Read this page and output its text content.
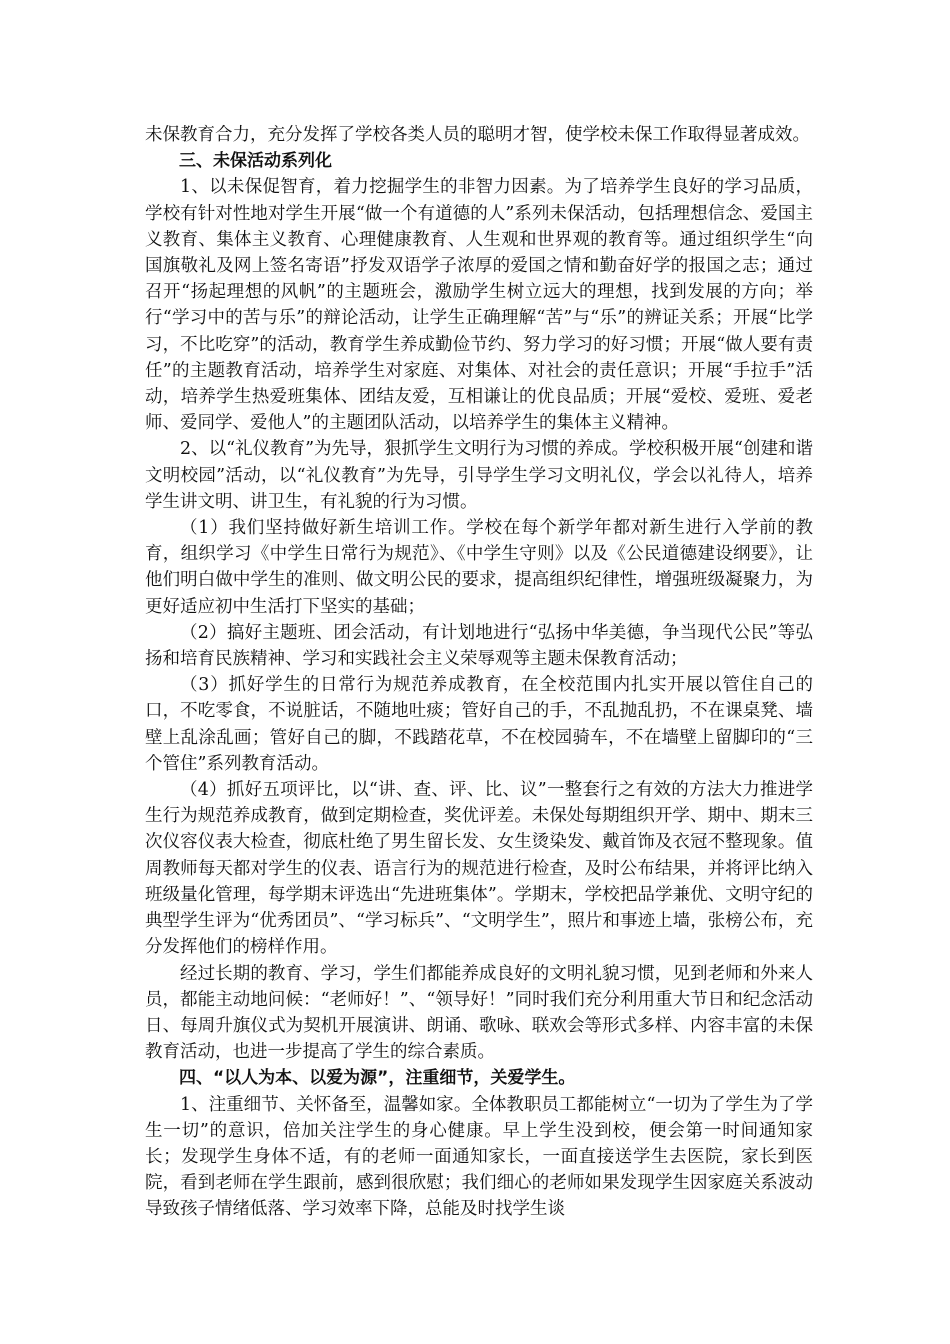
未保教育合力，充分发挥了学校各类人员的聪明才智，使学校未保工作取得显著成效。

三、未保活动系列化

1、以未保促智育，着力挖掘学生的非智力因素。为了培养学生良好的学习品质，学校有针对性地对学生开展“做一个有道德的人”系列未保活动，包括理想信念、爱国主义教育、集体主义教育、心理健康教育、人生观和世界观的教育等。通过组织学生“向国旗敬礼及网上签名寄语”抒发双语学子浓厚的爱国之情和勤奋好学的报国之志；通过召开“扬起理想的风帆”的主题班会，激励学生树立远大的理想，找到发展的方向；举行“学习中的苦与乐”的辩论活动，让学生正确理解“苦”与“乐”的辨证关系；开展“比学习，不比吃穿”的活动，教育学生养成勤俭节约、努力学习的好习惯；开展“做人要有责任”的主题教育活动，培养学生对家庭、对集体、对社会的责任意识；开展“手拉手”活动，培养学生热爱班集体、团结友爱，互相谦让的优良品质；开展“爱校、爱班、爱老师、爱同学、爱他人”的主题团队活动，以培养学生的集体主义精神。

2、以“礼仪教育”为先导，狠抓学生文明行为习惯的养成。学校积极开展“创建和谐文明校园”活动，以“礼仪教育”为先导，引导学生学习文明礼仪，学会以礼待人，培养学生讲文明、讲卫生，有礼貌的行为习惯。

（1）我们坚持做好新生培训工作。学校在每个新学年都对新生进行入学前的教育，组织学习《中学生日常行为规范》、《中学生守则》以及《公民道德建设纲要》，让他们明白做中学生的准则、做文明公民的要求，提高组织纪律性，增强班级凝聚力，为更好适应初中生活打下坚实的基础；

（2）搞好主题班、团会活动，有计划地进行“弘扬中华美德，争当现代公民”等弘扬和培育民族精神、学习和实践社会主义荣辱观等主题未保教育活动；

（3）抓好学生的日常行为规范养成教育，在全校范围内扎实开展以管住自己的口，不吃零食，不说脏话，不随地吐痰；管好自己的手，不乱抛乱扔，不在课桌凳、墙壁上乱涂乱画；管好自己的脚，不践踏花草，不在校园骑车，不在墙壁上留脚印的“三个管住”系列教育活动。

（4）抓好五项评比，以“讲、查、评、比、议”一整套行之有效的方法大力推进学生行为规范养成教育，做到定期检查，奖优评差。未保处每期组织开学、期中、期末三次仪容仪表大检查，彻底杜绝了男生留长发、女生烫染发、戴首饰及衣冠不整现象。值周教师每天都对学生的仪表、语言行为的规范进行检查，及时公布结果，并将评比纳入班级量化管理，每学期末评选出“先进班集体”。学期末，学校把品学兼优、文明守纪的典型学生评为“优秀团员”、“学习标兵”、“文明学生”，照片和事迹上墙，张榜公布，充分发挥他们的榜样作用。

经过长期的教育、学习，学生们都能养成良好的文明礼貌习惯，见到老师和外来人员，都能主动地问候：“老师好！”、“领导好！”同时我们充分利用重大节日和纪念活动日、每周升旗仪式为契机开展演讲、朗诵、歌咏、联欢会等形式多样、内容丰富的未保教育活动，也进一步提高了学生的综合素质。

四、“以人为本、以爱为源”，注重细节，关爱学生。

1、注重细节、关怀备至，温馨如家。全体教职员工都能树立“一切为了学生为了学生一切”的意识，倍加关注学生的身心健康。早上学生没到校，便会第一时间通知家长；发现学生身体不适，有的老师一面通知家长，一面直接送学生去医院，家长到医院，看到老师在学生跟前，感到很欣慰；我们细心的老师如果发现学生因家庭关系波动导致孩子情绪低落、学习效率下降，总能及时找学生谈
